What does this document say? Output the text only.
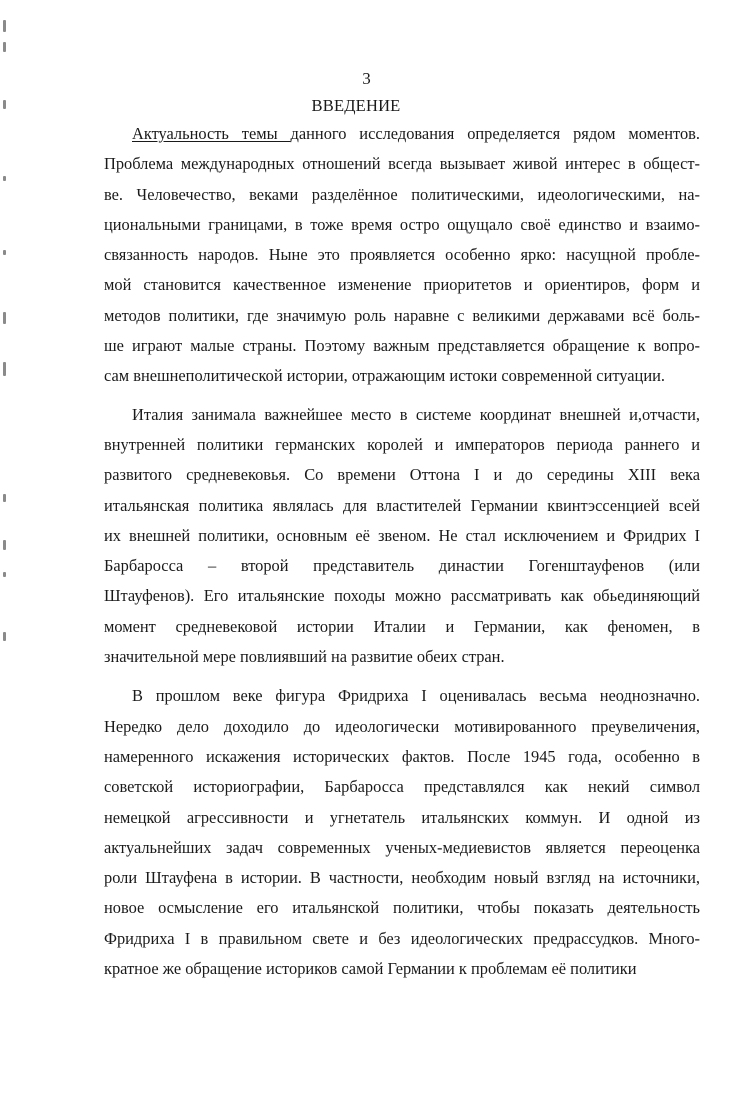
3
ВВЕДЕНИЕ
Актуальность темы данного исследования определяется рядом моментов.
Проблема международных отношений всегда вызывает живой интерес в общест-
ве. Человечество, веками разделённое политическими, идеологическими, на-
циональными границами, в тоже время остро ощущало своё единство и взаимо-
связанность народов. Ныне это проявляется особенно ярко: насущной пробле-
мой становится качественное изменение приоритетов и ориентиров, форм и
методов политики, где значимую роль наравне с великими державами всё боль-
ше играют малые страны. Поэтому важным представляется обращение к вопро-
сам внешнеполитической истории, отражающим истоки современной ситуации.
Италия занимала важнейшее место в системе координат внешней и,отчасти,
внутренней политики германских королей и императоров периода раннего и
развитого средневековья. Со времени Оттона I и до середины XIII века
итальянская политика являлась для властителей Германии квинтэссенцией всей
их внешней политики, основным её звеном. Не стал исключением и Фридрих I
Барбаросса – второй представитель династии Гогенштауфенов (или
Штауфенов). Его итальянские походы можно рассматривать как обьединяющий
момент средневековой истории Италии и Германии, как феномен, в
значительной мере повлиявший на развитие обеих стран.
В прошлом веке фигура Фридриха I оценивалась весьма неоднозначно.
Нередко дело доходило до идеологически мотивированного преувеличения,
намеренного искажения исторических фактов. После 1945 года, особенно в
советской историографии, Барбаросса представлялся как некий символ
немецкой агрессивности и угнетатель итальянских коммун. И одной из
актуальнейших задач современных ученых-медиевистов является переоценка
роли Штауфена в истории. В частности, необходим новый взгляд на источники,
новое осмысление его итальянской политики, чтобы показать деятельность
Фридриха I в правильном свете и без идеологических предрассудков. Много-
кратное же обращение историков самой Германии к проблемам её политики
